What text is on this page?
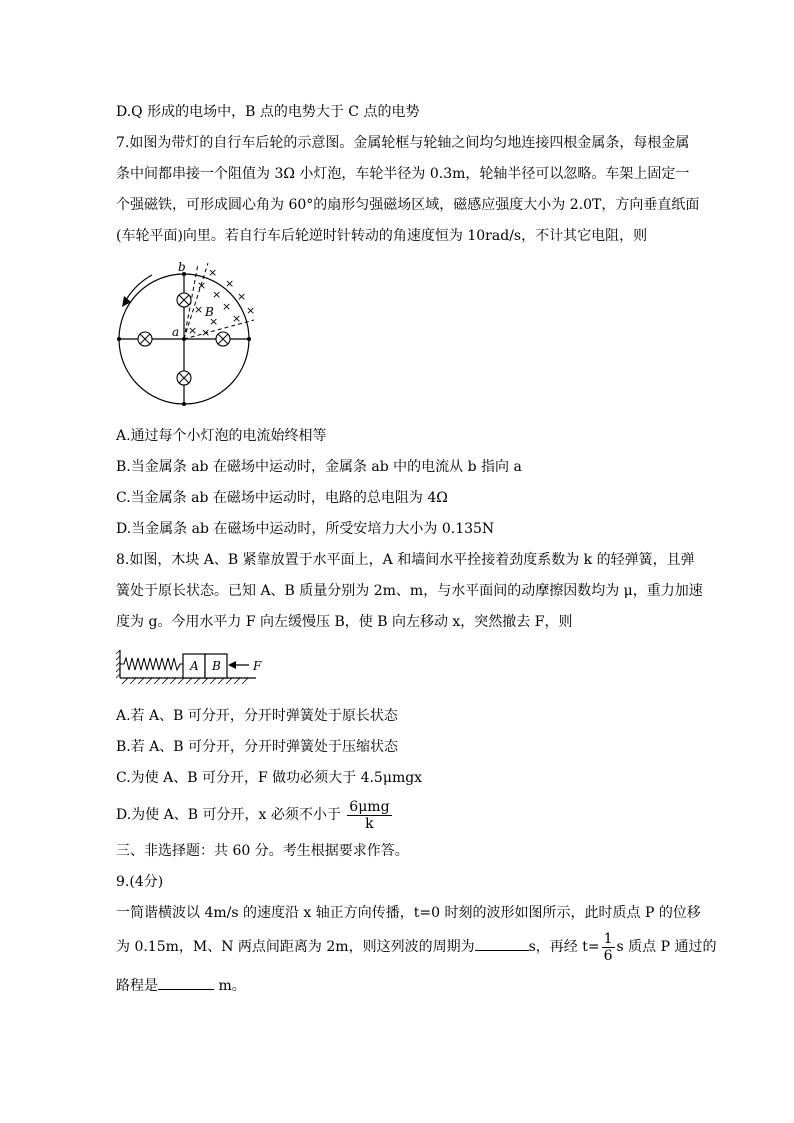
D.Q 形成的电场中，B 点的电势大于 C 点的电势
7.如图为带灯的自行车后轮的示意图。金属轮框与轮轴之间均匀地连接四根金属条，每根金属
条中间都串接一个阻值为 3Ω 小灯泡，车轮半径为 0.3m，轮轴半径可以忽略。车架上固定一
个强磁铁，可形成圆心角为 60°的扇形匀强磁场区域，磁感应强度大小为 2.0T，方向垂直纸面
(车轮平面)向里。若自行车后轮逆时针转动的角速度恒为 10rad/s，不计其它电阻，则
×
×
×
× ×
× × ×
× ×
× ×
b
a
B
A.通过每个小灯泡的电流始终相等
B.当金属条 ab 在磁场中运动时，金属条 ab 中的电流从 b 指向 a
C.当金属条 ab 在磁场中运动时，电路的总电阻为 4Ω
D.当金属条 ab 在磁场中运动时，所受安培力大小为 0.135N
8.如图，木块 A、B 紧靠放置于水平面上，A 和墙间水平拴接着劲度系数为 k 的轻弹簧，且弹
簧处于原长状态。已知 A、B 质量分别为 2m、m，与水平面间的动摩擦因数均为 μ，重力加速
度为 g。今用水平力 F 向左缓慢压 B，使 B 向左移动 x，突然撤去 F，则
A B	F
A.若 A、B 可分开，分开时弹簧处于原长状态
B.若 A、B 可分开，分开时弹簧处于压缩状态
C.为使 A、B 可分开，F 做功必须大于 4.5μmgx
D.为使 A、B 可分开，x 必须不小于 $\frac{\text{6μmg}}{k}$
三、非选择题：共 60 分。考生根据要求作答。
9.(4分)
一简谐横波以 4m/s 的速度沿 x 轴正方向传播，t=0 时刻的波形如图所示，此时质点 P 的位移
为 0.15m，M、N 两点间距离为 2m，则这列波的周期为	s，再经 $t= \frac{1}{6}$ s 质点 P 通过的
路程是	m。
